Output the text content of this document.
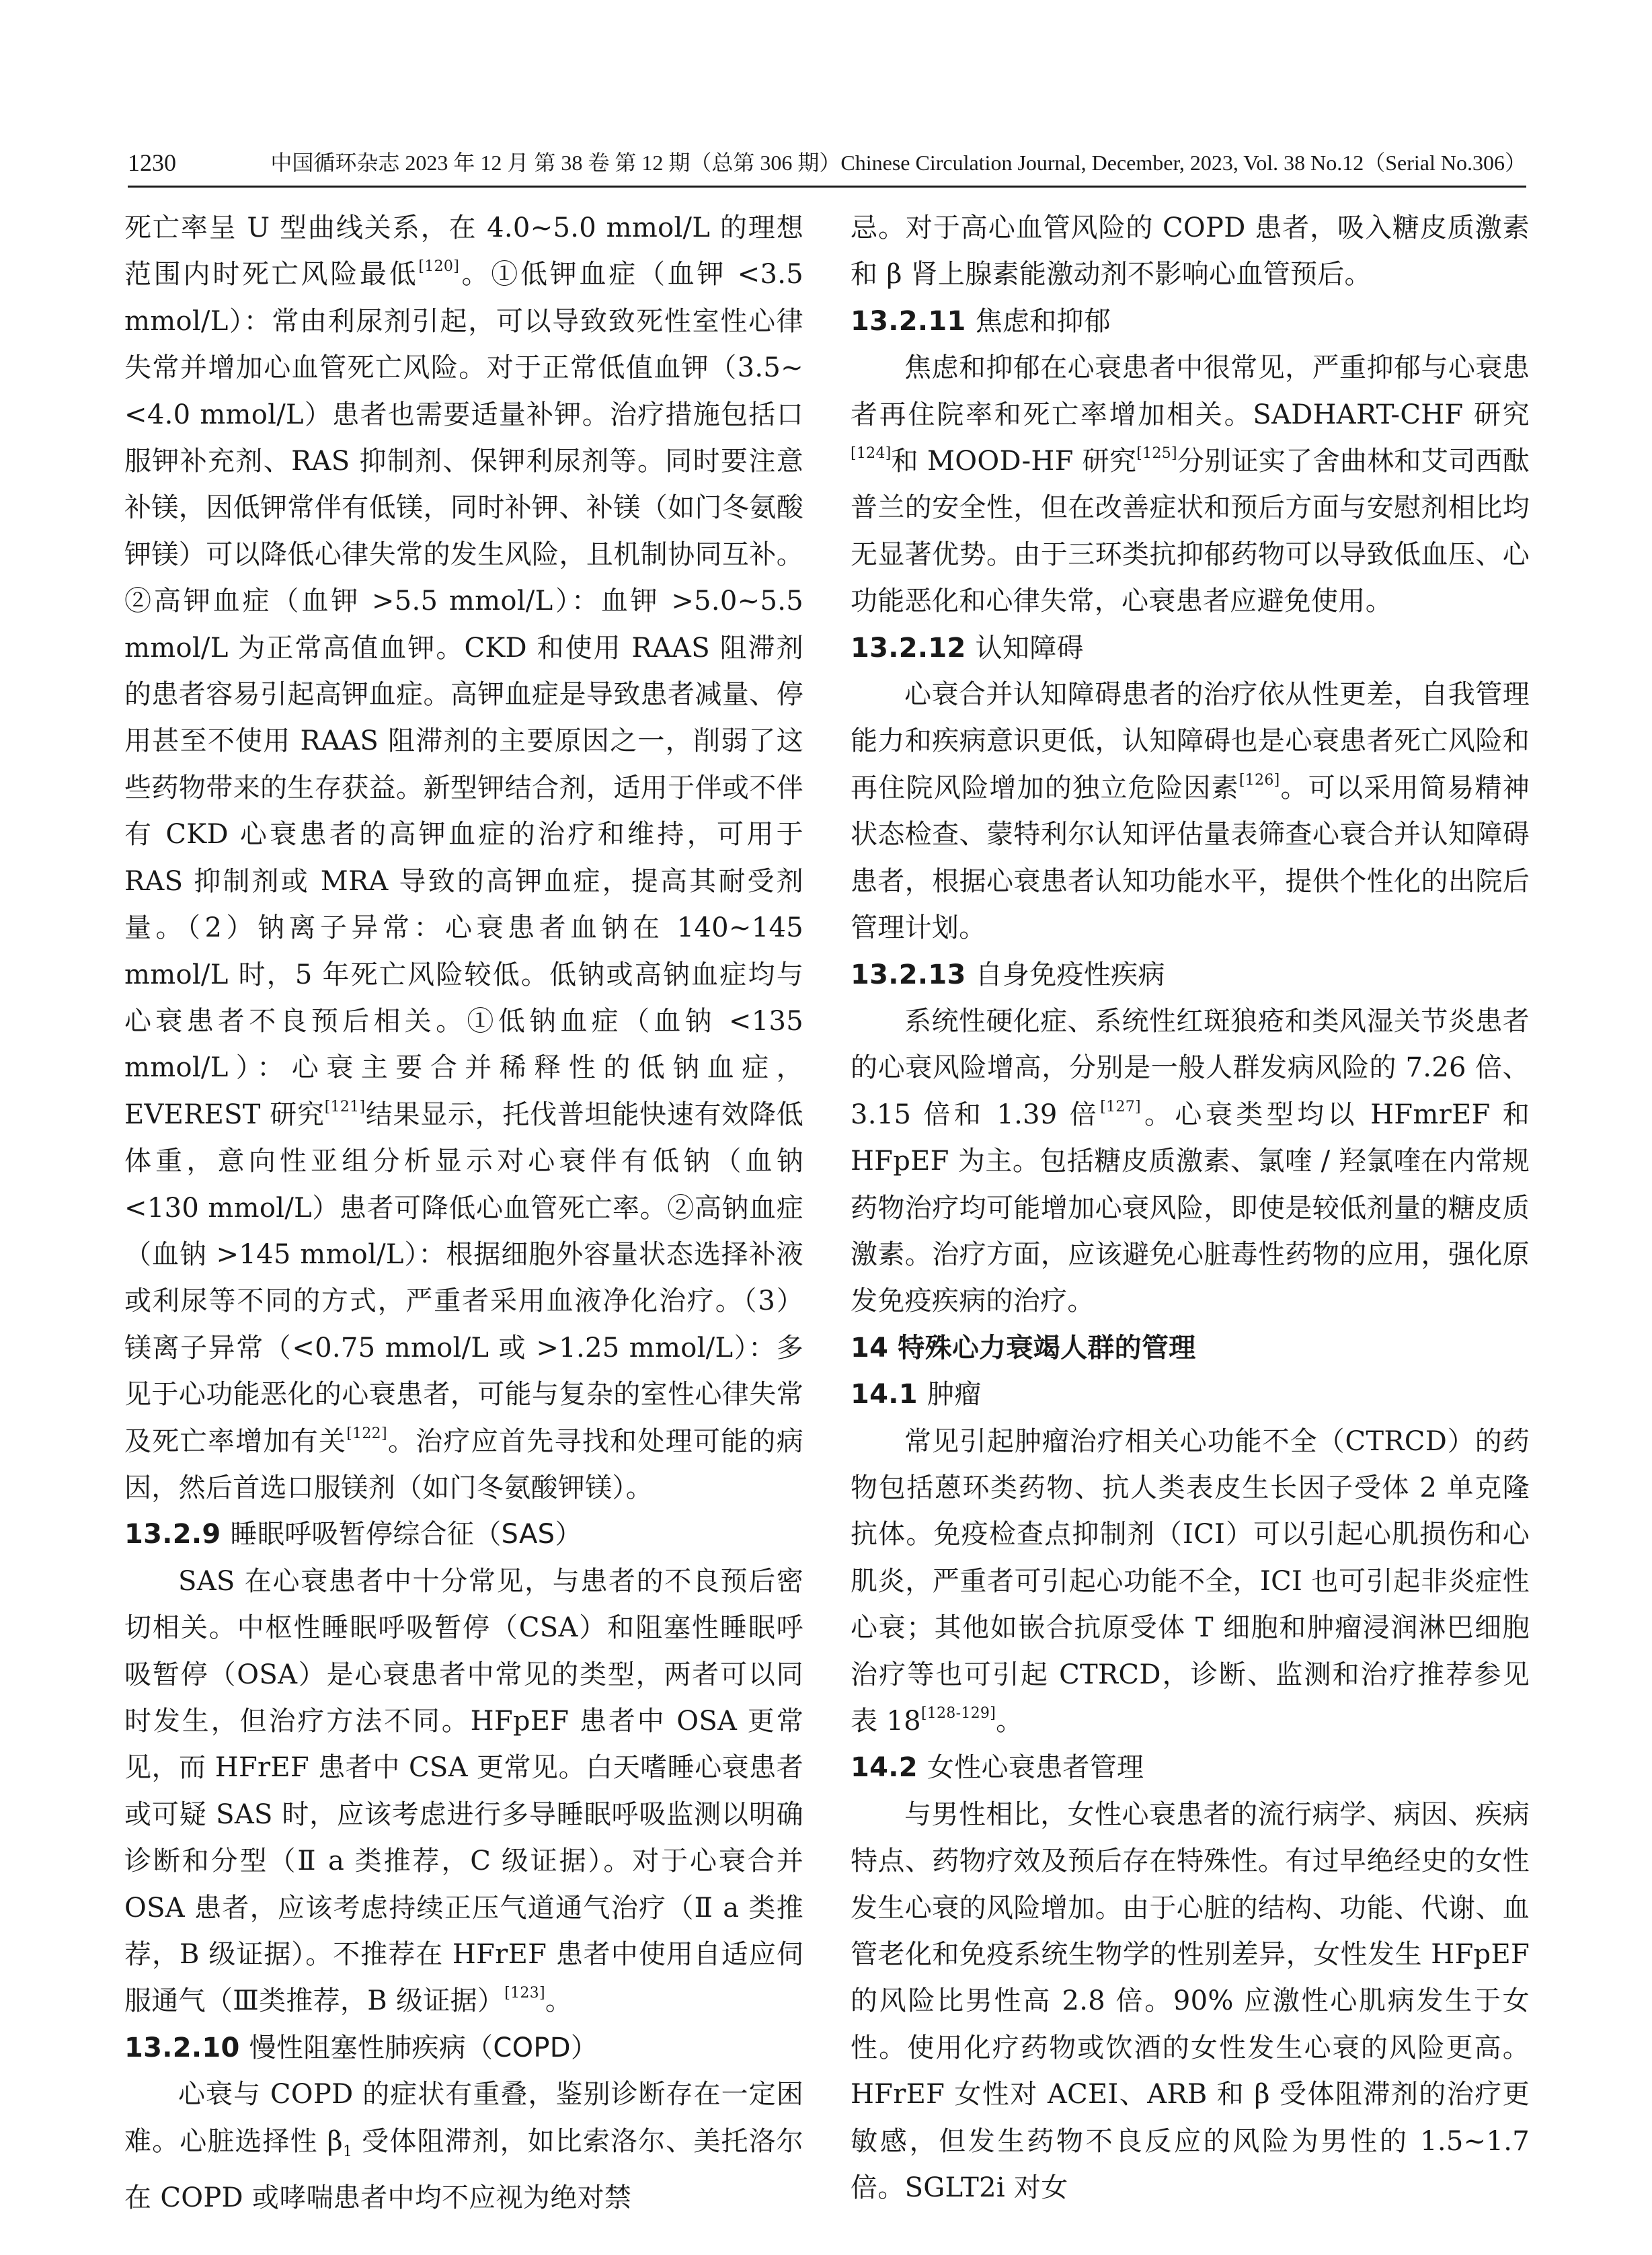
1230	中国循环杂志 2023 年 12 月 第 38 卷 第 12 期（总第 306 期）Chinese Circulation Journal, December, 2023, Vol. 38 No.12（Serial No.306）

死亡率呈 U 型曲线关系，在 4.0~5.0 mmol/L 的理想范围内时死亡风险最低[120]。①低钾血症（血钾 <3.5 mmol/L）：常由利尿剂引起，可以导致致死性室性心律失常并增加心血管死亡风险。对于正常低值血钾（3.5~<4.0 mmol/L）患者也需要适量补钾。治疗措施包括口服钾补充剂、RAS 抑制剂、保钾利尿剂等。同时要注意补镁，因低钾常伴有低镁，同时补钾、补镁（如门冬氨酸钾镁）可以降低心律失常的发生风险，且机制协同互补。②高钾血症（血钾 >5.5 mmol/L）：血钾 >5.0~5.5 mmol/L 为正常高值血钾。CKD 和使用 RAAS 阻滞剂的患者容易引起高钾血症。高钾血症是导致患者减量、停用甚至不使用 RAAS 阻滞剂的主要原因之一，削弱了这些药物带来的生存获益。新型钾结合剂，适用于伴或不伴有 CKD 心衰患者的高钾血症的治疗和维持，可用于 RAS 抑制剂或 MRA 导致的高钾血症，提高其耐受剂量。（2）钠离子异常：心衰患者血钠在 140~145 mmol/L 时，5 年死亡风险较低。低钠或高钠血症均与心衰患者不良预后相关。①低钠血症（血钠 <135 mmol/L）：心衰主要合并稀释性的低钠血症，EVEREST 研究[121]结果显示，托伐普坦能快速有效降低体重，意向性亚组分析显示对心衰伴有低钠（血钠 <130 mmol/L）患者可降低心血管死亡率。②高钠血症（血钠 >145 mmol/L）：根据细胞外容量状态选择补液或利尿等不同的方式，严重者采用血液净化治疗。（3）镁离子异常（<0.75 mmol/L 或 >1.25 mmol/L）：多见于心功能恶化的心衰患者，可能与复杂的室性心律失常及死亡率增加有关[122]。治疗应首先寻找和处理可能的病因，然后首选口服镁剂（如门冬氨酸钾镁）。

13.2.9 睡眠呼吸暂停综合征（SAS）

SAS 在心衰患者中十分常见，与患者的不良预后密切相关。中枢性睡眠呼吸暂停（CSA）和阻塞性睡眠呼吸暂停（OSA）是心衰患者中常见的类型，两者可以同时发生，但治疗方法不同。HFpEF 患者中 OSA 更常见，而 HFrEF 患者中 CSA 更常见。白天嗜睡心衰患者或可疑 SAS 时，应该考虑进行多导睡眠呼吸监测以明确诊断和分型（Ⅱ a 类推荐，C 级证据）。对于心衰合并 OSA 患者，应该考虑持续正压气道通气治疗（Ⅱ a 类推荐，B 级证据）。不推荐在 HFrEF 患者中使用自适应伺服通气（Ⅲ类推荐，B 级证据）[123]。

13.2.10 慢性阻塞性肺疾病（COPD）

心衰与 COPD 的症状有重叠，鉴别诊断存在一定困难。心脏选择性 $\beta_1$ 受体阻滞剂，如比索洛尔、美托洛尔在 COPD 或哮喘患者中均不应视为绝对禁

忌。对于高心血管风险的 COPD 患者，吸入糖皮质激素和 β 肾上腺素能激动剂不影响心血管预后。

13.2.11 焦虑和抑郁

焦虑和抑郁在心衰患者中很常见，严重抑郁与心衰患者再住院率和死亡率增加相关。SADHART-CHF 研究[124]和 MOOD-HF 研究[125]分别证实了舍曲林和艾司西酞普兰的安全性，但在改善症状和预后方面与安慰剂相比均无显著优势。由于三环类抗抑郁药物可以导致低血压、心功能恶化和心律失常，心衰患者应避免使用。

13.2.12 认知障碍

心衰合并认知障碍患者的治疗依从性更差，自我管理能力和疾病意识更低，认知障碍也是心衰患者死亡风险和再住院风险增加的独立危险因素[126]。可以采用简易精神状态检查、蒙特利尔认知评估量表筛查心衰合并认知障碍患者，根据心衰患者认知功能水平，提供个性化的出院后管理计划。

13.2.13 自身免疫性疾病

系统性硬化症、系统性红斑狼疮和类风湿关节炎患者的心衰风险增高，分别是一般人群发病风险的 7.26 倍、3.15 倍和 1.39 倍[127]。心衰类型均以 HFmrEF 和 HFpEF 为主。包括糖皮质激素、氯喹 / 羟氯喹在内常规药物治疗均可能增加心衰风险，即使是较低剂量的糖皮质激素。治疗方面，应该避免心脏毒性药物的应用，强化原发免疫疾病的治疗。

14 特殊心力衰竭人群的管理
14.1 肿瘤

常见引起肿瘤治疗相关心功能不全（CTRCD）的药物包括蒽环类药物、抗人类表皮生长因子受体 2 单克隆抗体。免疫检查点抑制剂（ICI）可以引起心肌损伤和心肌炎，严重者可引起心功能不全，ICI 也可引起非炎症性心衰；其他如嵌合抗原受体 T 细胞和肿瘤浸润淋巴细胞治疗等也可引起 CTRCD，诊断、监测和治疗推荐参见表 18[128-129]。

14.2 女性心衰患者管理

与男性相比，女性心衰患者的流行病学、病因、疾病特点、药物疗效及预后存在特殊性。有过早绝经史的女性发生心衰的风险增加。由于心脏的结构、功能、代谢、血管老化和免疫系统生物学的性别差异，女性发生 HFpEF 的风险比男性高 2.8 倍。90% 应激性心肌病发生于女性。使用化疗药物或饮酒的女性发生心衰的风险更高。HFrEF 女性对 ACEI、ARB 和 β 受体阻滞剂的治疗更敏感，但发生药物不良反应的风险为男性的 1.5~1.7 倍。SGLT2i 对女
